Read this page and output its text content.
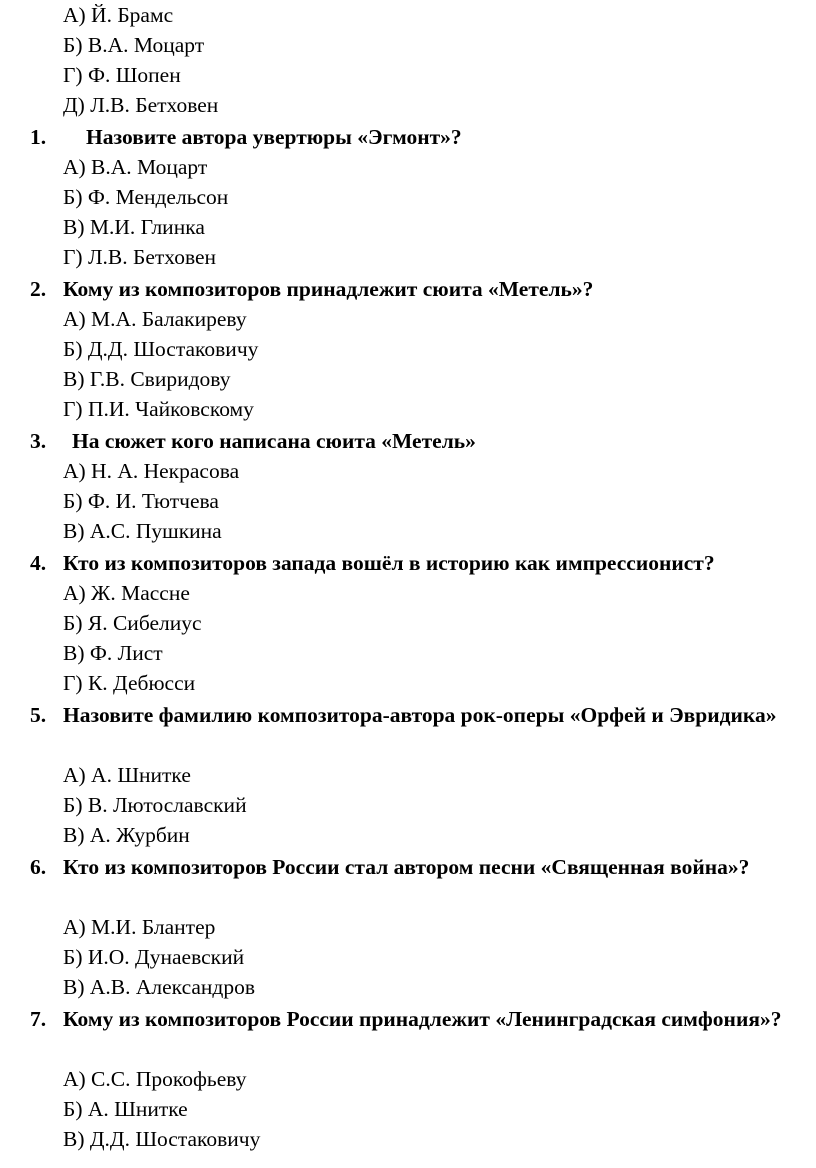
А) Й. Брамс
Б) В.А. Моцарт
Г) Ф. Шопен
Д) Л.В. Бетховен
1. Назовите автора увертюры «Эгмонт»?
А) В.А. Моцарт
Б) Ф. Мендельсон
В) М.И. Глинка
Г) Л.В. Бетховен
2. Кому из композиторов принадлежит сюита «Метель»?
А) М.А. Балакиреву
Б) Д.Д. Шостаковичу
В) Г.В. Свиридову
Г) П.И. Чайковскому
3. На сюжет кого написана сюита «Метель»
А) Н. А. Некрасова
Б) Ф. И. Тютчева
В) А.С. Пушкина
4. Кто из композиторов запада вошёл в историю как импрессионист?
А) Ж. Массне
Б) Я. Сибелиус
В) Ф. Лист
Г) К. Дебюсси
5. Назовите фамилию композитора-автора рок-оперы «Орфей и Эвридика»
А) А. Шнитке
Б) В. Лютославский
В) А. Журбин
6. Кто из композиторов России стал автором песни «Священная война»?
А) М.И. Блантер
Б) И.О. Дунаевский
В) А.В. Александров
7. Кому из композиторов России принадлежит «Ленинградская симфония»?
А) С.С. Прокофьеву
Б) А. Шнитке
В) Д.Д. Шостаковичу
